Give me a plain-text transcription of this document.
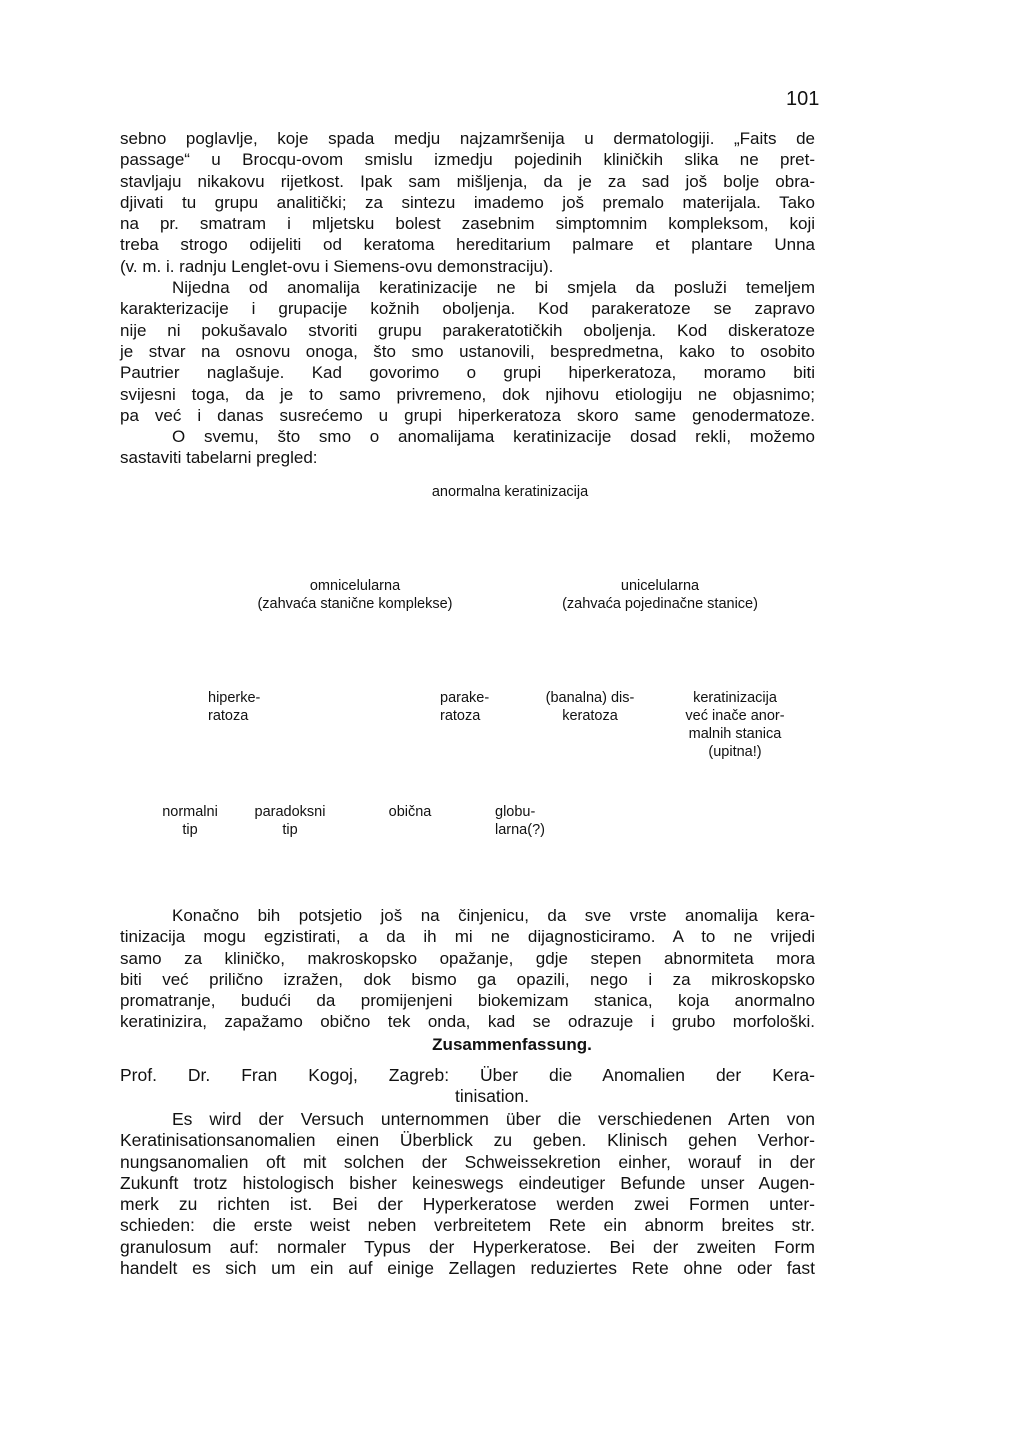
101
sebno poglavlje, koje spada medju najzamršenija u dermatologiji. „Faits de
passage“ u Brocqu-ovom smislu izmedju pojedinih kliničkih slika ne pret-
stavljaju nikakovu rijetkost. Ipak sam mišljenja, da je za sad još bolje obra-
djivati tu grupu analitički; za sintezu imademo još premalo materijala. Tako
na pr. smatram i mljetsku bolest zasebnim simptomnim kompleksom, koji
treba strogo odijeliti od keratoma hereditarium palmare et plantare Unna
(v. m. i. radnju Lenglet-ovu i Siemens-ovu demonstraciju).
Nijedna od anomalija keratinizacije ne bi smjela da posluži temeljem
karakterizacije i grupacije kožnih oboljenja. Kod parakeratoze se zapravo
nije ni pokušavalo stvoriti grupu parakeratotičkih oboljenja. Kod diskeratoze
je stvar na osnovu onoga, što smo ustanovili, bespredmetna, kako to osobito
Pautrier naglašuje. Kad govorimo o grupi hiperkeratoza, moramo biti
svijesni toga, da je to samo privremeno, dok njihovu etiologiju ne objasnimo;
pa već i danas susrećemo u grupi hiperkeratoza skoro same genodermatoze.
O svemu, što smo o anomalijama keratinizacije dosad rekli, možemo
sastaviti tabelarni pregled:
anormalna keratinizacija
omnicelularna
(zahvaća stanične komplekse)
unicelularna
(zahvaća pojedinačne stanice)
hiperke-
ratoza
parake-
ratoza
(banalna) dis-
keratoza
keratinizacija
već inače anor-
malnih stanica
(upitna!)
normalni
tip
paradoksni
tip
obična	globu-
larna(?)
Konačno bih potsjetio još na činjenicu, da sve vrste anomalija kera-
tinizacija mogu egzistirati, a da ih mi ne dijagnosticiramo. A to ne vrijedi
samo za kliničko, makroskopsko opažanje, gdje stepen abnormiteta mora
biti već prilično izražen, dok bismo ga opazili, nego i za mikroskopsko
promatranje, budući da promijenjeni biokemizam stanica, koja anormalno
keratinizira, zapažamo obično tek onda, kad se odrazuje i grubo morfološki.
Zusammenfassung.
Prof. Dr. Fran Kogoj, Zagreb: Über die Anomalien der Kera-
tinisation.
Es wird der Versuch unternommen über die verschiedenen Arten von
Keratinisationsanomalien einen Überblick zu geben. Klinisch gehen Verhor-
nungsanomalien oft mit solchen der Schweissekretion einher, worauf in der
Zukunft trotz histologisch bisher keineswegs eindeutiger Befunde unser Augen-
merk zu richten ist. Bei der Hyperkeratose werden zwei Formen unter-
schieden: die erste weist neben verbreitetem Rete ein abnorm breites str.
granulosum auf: normaler Typus der Hyperkeratose. Bei der zweiten Form
handelt es sich um ein auf einige Zellagen reduziertes Rete ohne oder fast
